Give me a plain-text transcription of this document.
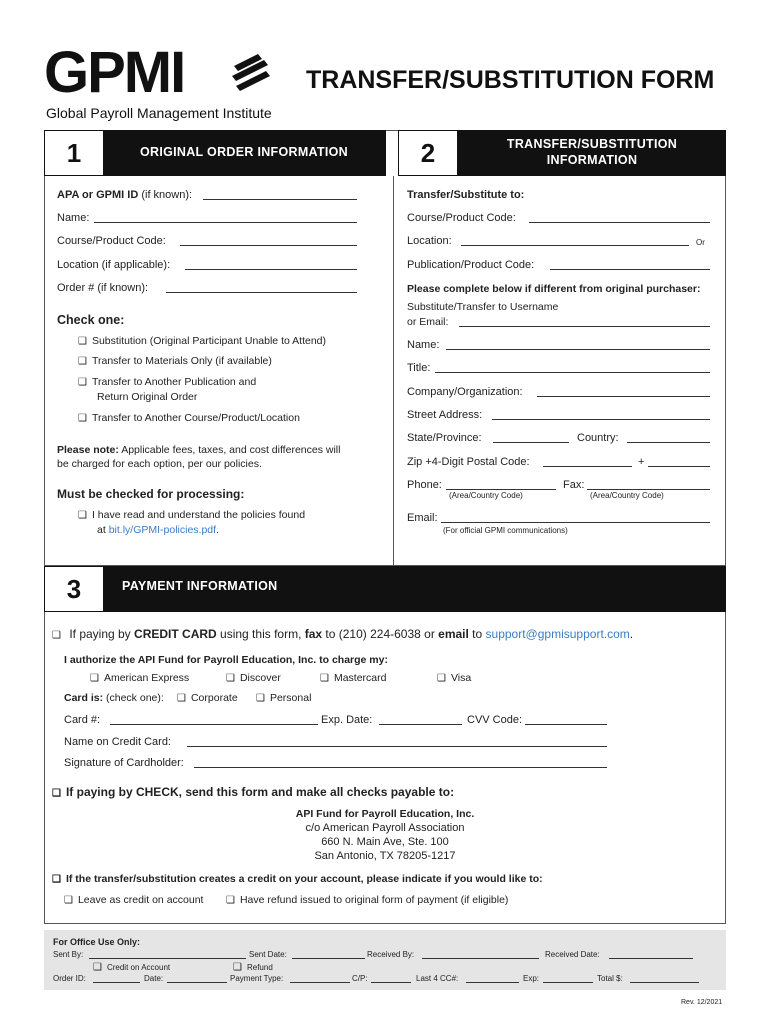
GPMI
Global Payroll Management Institute
TRANSFER/SUBSTITUTION FORM
1	ORIGINAL ORDER INFORMATION	2	TRANSFER/SUBSTITUTION
INFORMATION
APA or GPMI ID (if known):
Name:
Course/Product Code:
Location (if applicable):
Order # (if known):
Check one:
❑ Substitution (Original Participant Unable to Attend)
❑ Transfer to Materials Only (if available)
❑ Transfer to Another Publication and
Return Original Order
❑ Transfer to Another Course/Product/Location
Please note: Applicable fees, taxes, and cost differences will
be charged for each option, per our policies.
Must be checked for processing:
❑ I have read and understand the policies found
at bit.ly/GPMI-policies.pdf.
Transfer/Substitute to:
Course/Product Code:
Location:	Or
Publication/Product Code:
Please complete below if different from original purchaser:
Substitute/Transfer to Username
or Email:
Name:
Title:
Company/Organization:
Street Address:
State/Province:	Country:
Zip +4-Digit Postal Code:	+
Phone:	Fax:
(Area/Country Code)	(Area/Country Code)
Email:
(For official GPMI communications)
3	PAYMENT INFORMATION
❑ If paying by CREDIT CARD using this form, fax to (210) 224-6038 or email to support@gpmisupport.com.
I authorize the API Fund for Payroll Education, Inc. to charge my:
❑ American Express	❑ Discover	❑ Mastercard	❑ Visa
Card is: (check one):	❑ Corporate	❑ Personal
Card #:	Exp. Date:	CVV Code:
Name on Credit Card:
Signature of Cardholder:
❑ If paying by CHECK, send this form and make all checks payable to:
API Fund for Payroll Education, Inc.
c/o American Payroll Association
660 N. Main Ave, Ste. 100
San Antonio, TX 78205-1217
❑ If the transfer/substitution creates a credit on your account, please indicate if you would like to:
❑ Leave as credit on account	❑ Have refund issued to original form of payment (if eligible)
For Office Use Only:
Sent By:	Sent Date:	Received By:	Received Date:
❑ Credit on Account	❑ Refund
Order ID:	Date:	Payment Type:	C/P:	Last 4 CC#:	Exp:	Total $:
Rev. 12/2021
